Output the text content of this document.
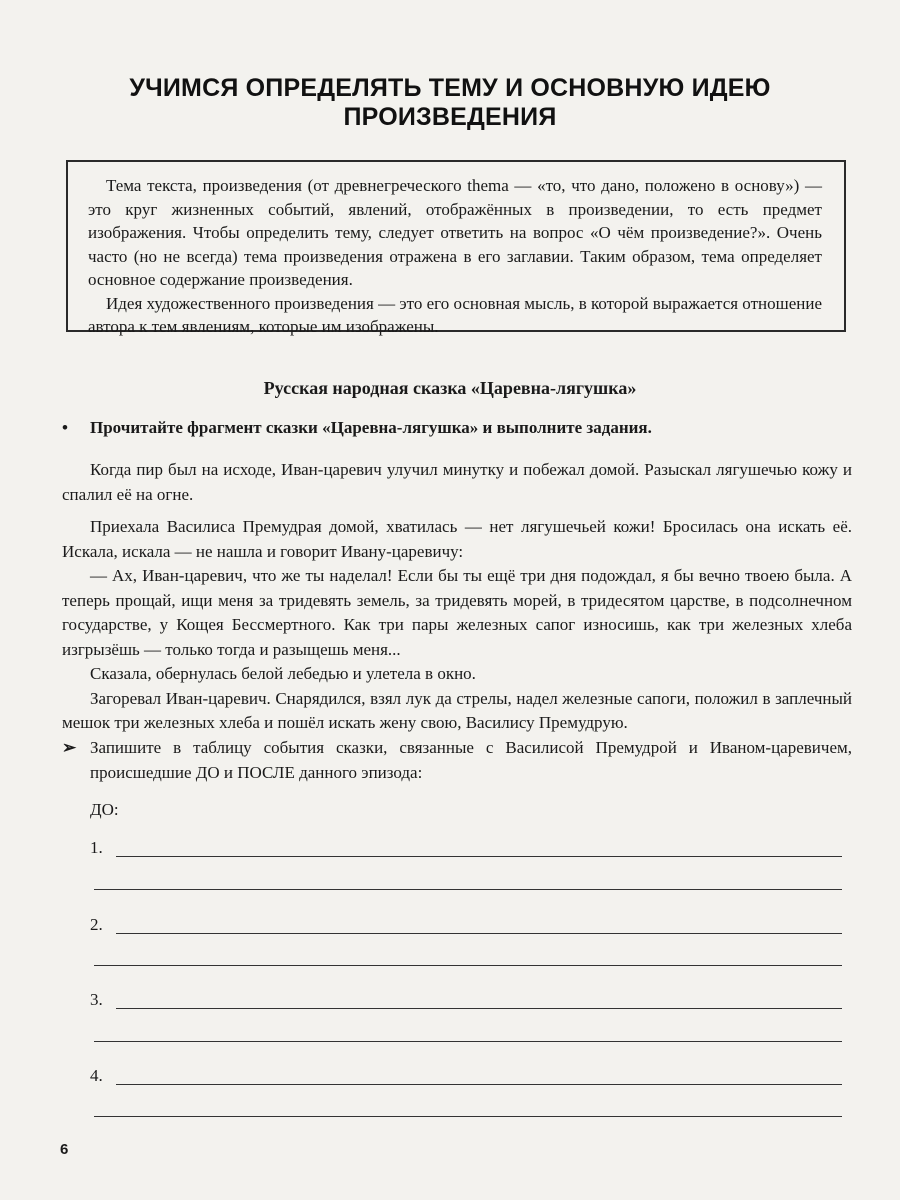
УЧИМСЯ ОПРЕДЕЛЯТЬ ТЕМУ И ОСНОВНУЮ ИДЕЮ
ПРОИЗВЕДЕНИЯ

Тема текста, произведения (от древнегреческого thema — «то, что дано, положено в основу») — это круг жизненных событий, явлений, отображённых в произведении, то есть предмет изображения. Чтобы определить тему, следует ответить на вопрос «О чём произведение?». Очень часто (но не всегда) тема произведения отражена в его заглавии. Таким образом, тема определяет основное содержание произведения.

Идея художественного произведения — это его основная мысль, в которой выражается отношение автора к тем явлениям, которые им изображены.

Русская народная сказка «Царевна-лягушка»
• Прочитайте фрагмент сказки «Царевна-лягушка» и выполните задания.

Когда пир был на исходе, Иван-царевич улучил минутку и побежал домой. Разыскал лягушечью кожу и спалил её на огне.

Приехала Василиса Премудрая домой, хватилась — нет лягушечьей кожи! Бросилась она искать её. Искала, искала — не нашла и говорит Ивану-царевичу:

— Ах, Иван-царевич, что же ты наделал! Если бы ты ещё три дня подождал, я бы вечно твоею была. А теперь прощай, ищи меня за тридевять земель, за тридевять морей, в тридесятом царстве, в подсолнечном государстве, у Кощея Бессмертного. Как три пары железных сапог износишь, как три железных хлеба изгрызёшь — только тогда и разыщешь меня...

Сказала, обернулась белой лебедью и улетела в окно.

Загоревал Иван-царевич. Снарядился, взял лук да стрелы, надел железные сапоги, положил в заплечный мешок три железных хлеба и пошёл искать жену свою, Василису Премудрую.

➢ Запишите в таблицу события сказки, связанные с Василисой Премудрой и Иваном-царевичем, происшедшие ДО и ПОСЛЕ данного эпизода:
ДО:
1.
2.
3.
4.
6
